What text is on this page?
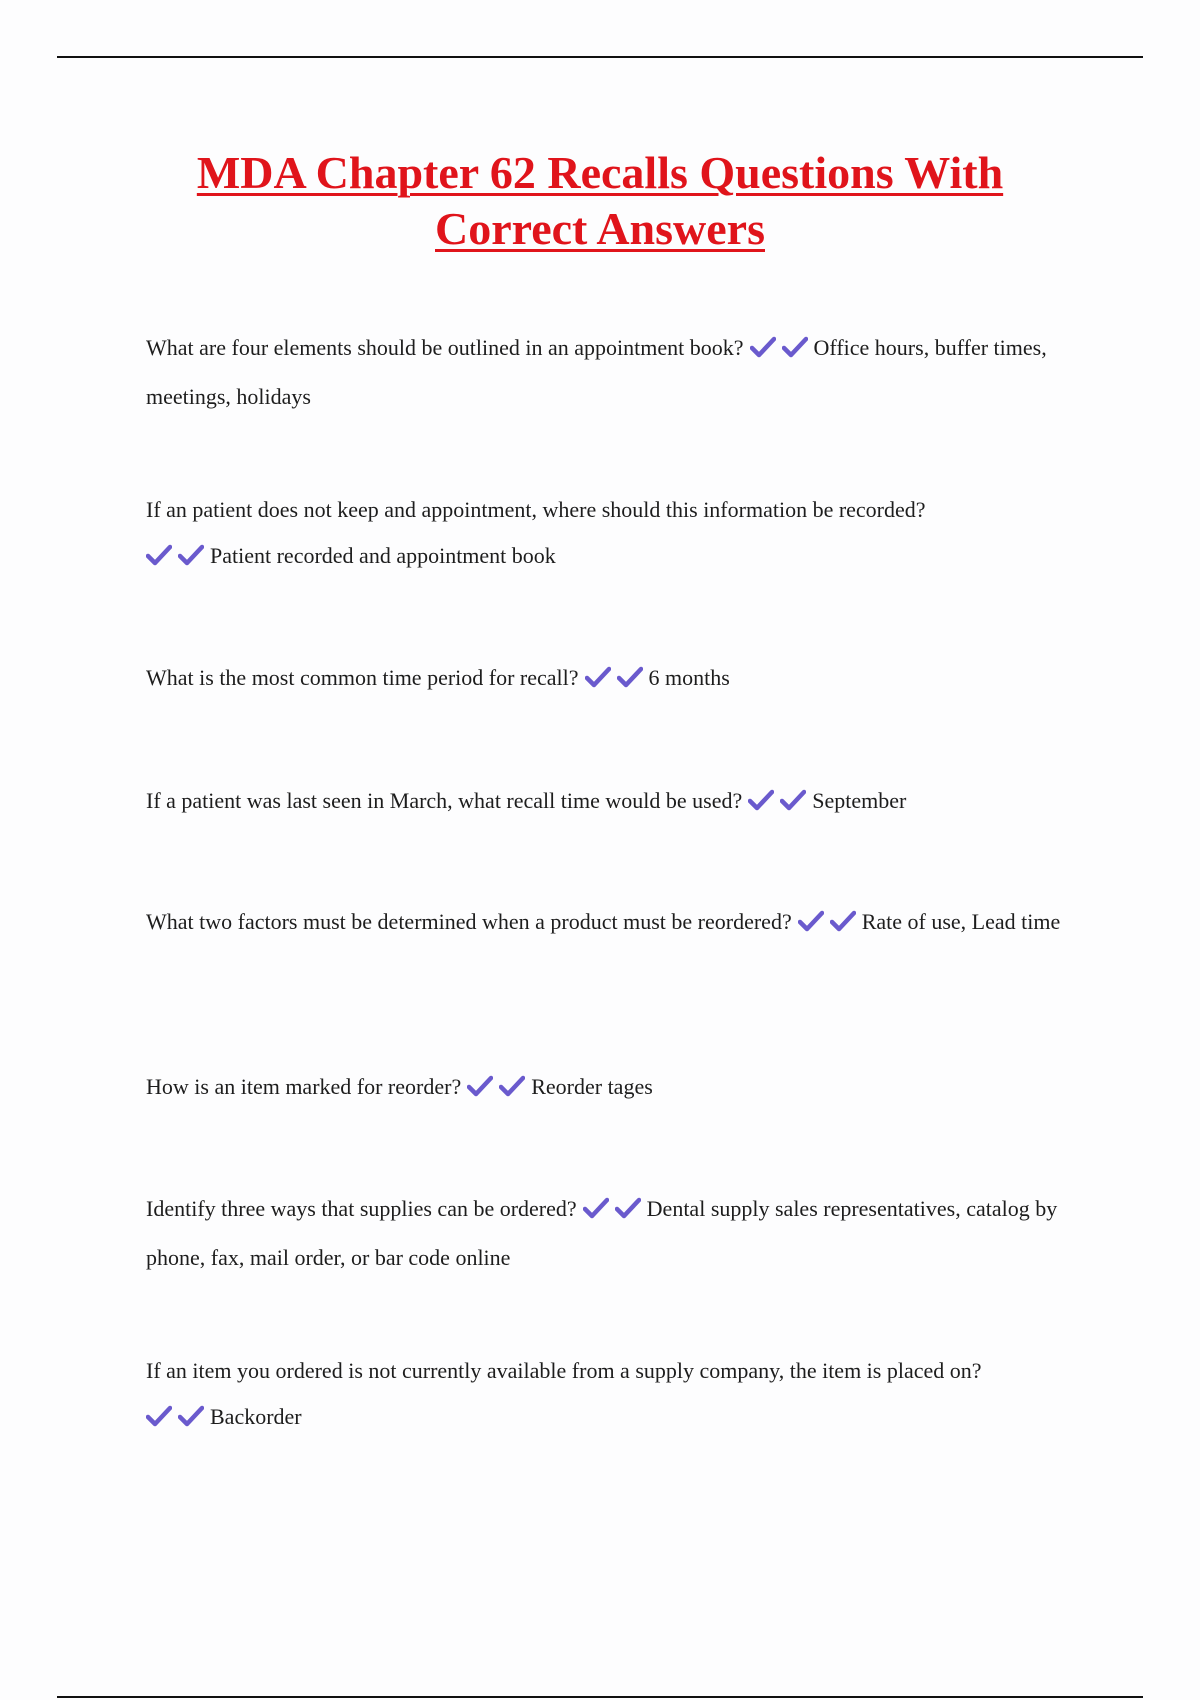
MDA Chapter 62 Recalls Questions With Correct Answers
What are four elements should be outlined in an appointment book?	Office hours, buffer times, meetings, holidays
If an patient does not keep and appointment, where should this information be recorded?

Patient recorded and appointment book
What is the most common time period for recall?	6 months
If a patient was last seen in March, what recall time would be used?	September
What two factors must be determined when a product must be reordered?	Rate of use, Lead time
How is an item marked for reorder?	Reorder tages
Identify three ways that supplies can be ordered?	Dental supply sales representatives, catalog by phone, fax, mail order, or bar code online
If an item you ordered is not currently available from a supply company, the item is placed on?

Backorder
